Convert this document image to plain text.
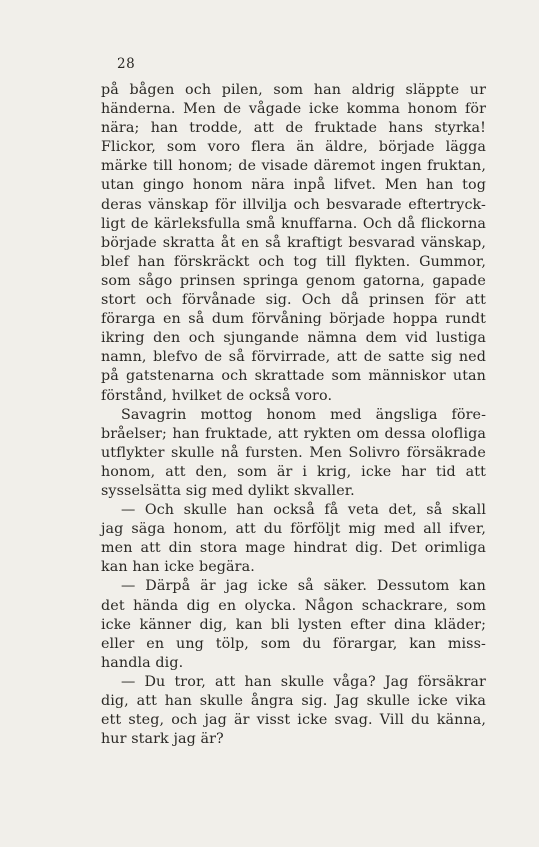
28
på bågen och pilen, som han aldrig släppte ur
händerna. Men de vågade icke komma honom för
nära; han trodde, att de fruktade hans styrka!
Flickor, som voro flera än äldre, började lägga
märke till honom; de visade däremot ingen fruktan,
utan gingo honom nära inpå lifvet. Men han tog
deras vänskap för illvilja och besvarade eftertryck-
ligt de kärleksfulla små knuffarna. Och då flickorna
började skratta åt en så kraftigt besvarad vänskap,
blef han förskräckt och tog till flykten. Gummor,
som sågo prinsen springa genom gatorna, gapade
stort och förvånade sig. Och då prinsen för att
förarga en så dum förvåning började hoppa rundt
ikring den och sjungande nämna dem vid lustiga
namn, blefvo de så förvirrade, att de satte sig ned
på gatstenarna och skrattade som människor utan
förstånd, hvilket de också voro.
Savagrin mottog honom med ängsliga före-
bråelser; han fruktade, att rykten om dessa olofliga
utflykter skulle nå fursten. Men Solivro försäkrade
honom, att den, som är i krig, icke har tid att
sysselsätta sig med dylikt skvaller.
— Och skulle han också få veta det, så skall
jag säga honom, att du förföljt mig med all ifver,
men att din stora mage hindrat dig. Det orimliga
kan han icke begära.
— Därpå är jag icke så säker. Dessutom kan
det hända dig en olycka. Någon schackrare, som
icke känner dig, kan bli lysten efter dina kläder;
eller en ung tölp, som du förargar, kan miss-
handla dig.
— Du tror, att han skulle våga? Jag försäkrar
dig, att han skulle ångra sig. Jag skulle icke vika
ett steg, och jag är visst icke svag. Vill du känna,
hur stark jag är?
